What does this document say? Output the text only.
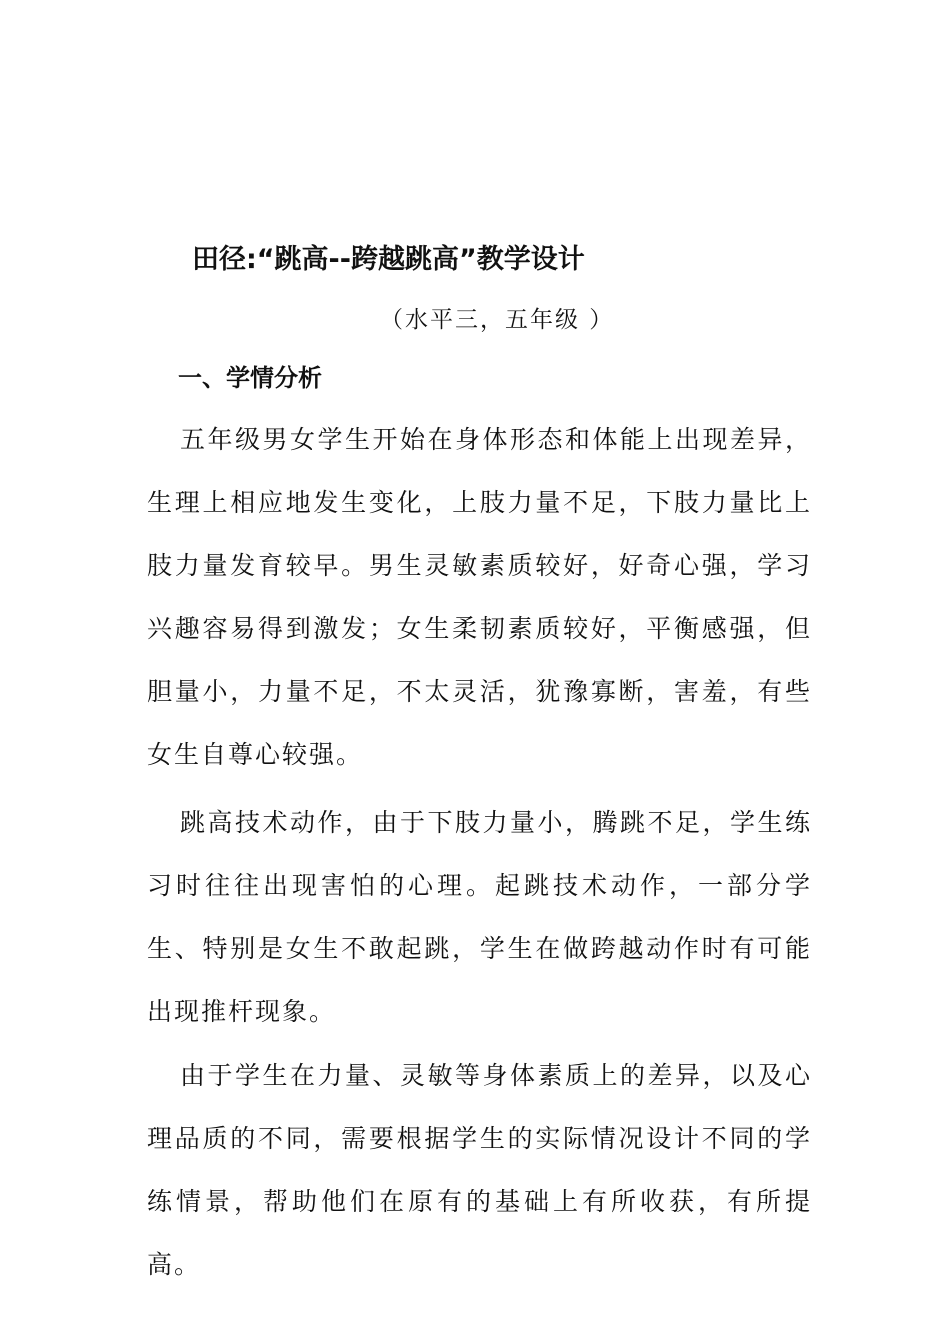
田径:“跳高--跨越跳高”教学设计
（水平三，五年级 ）
一、学情分析

五年级男女学生开始在身体形态和体能上出现差异，生理上相应地发生变化，上肢力量不足，下肢力量比上肢力量发育较早。男生灵敏素质较好，好奇心强，学习兴趣容易得到激发；女生柔韧素质较好，平衡感强，但胆量小，力量不足，不太灵活，犹豫寡断，害羞，有些女生自尊心较强。

跳高技术动作，由于下肢力量小，腾跳不足，学生练习时往往出现害怕的心理。起跳技术动作，一部分学生、特别是女生不敢起跳，学生在做跨越动作时有可能出现推杆现象。

由于学生在力量、灵敏等身体素质上的差异，以及心理品质的不同，需要根据学生的实际情况设计不同的学练情景，帮助他们在原有的基础上有所收获，有所提高。
